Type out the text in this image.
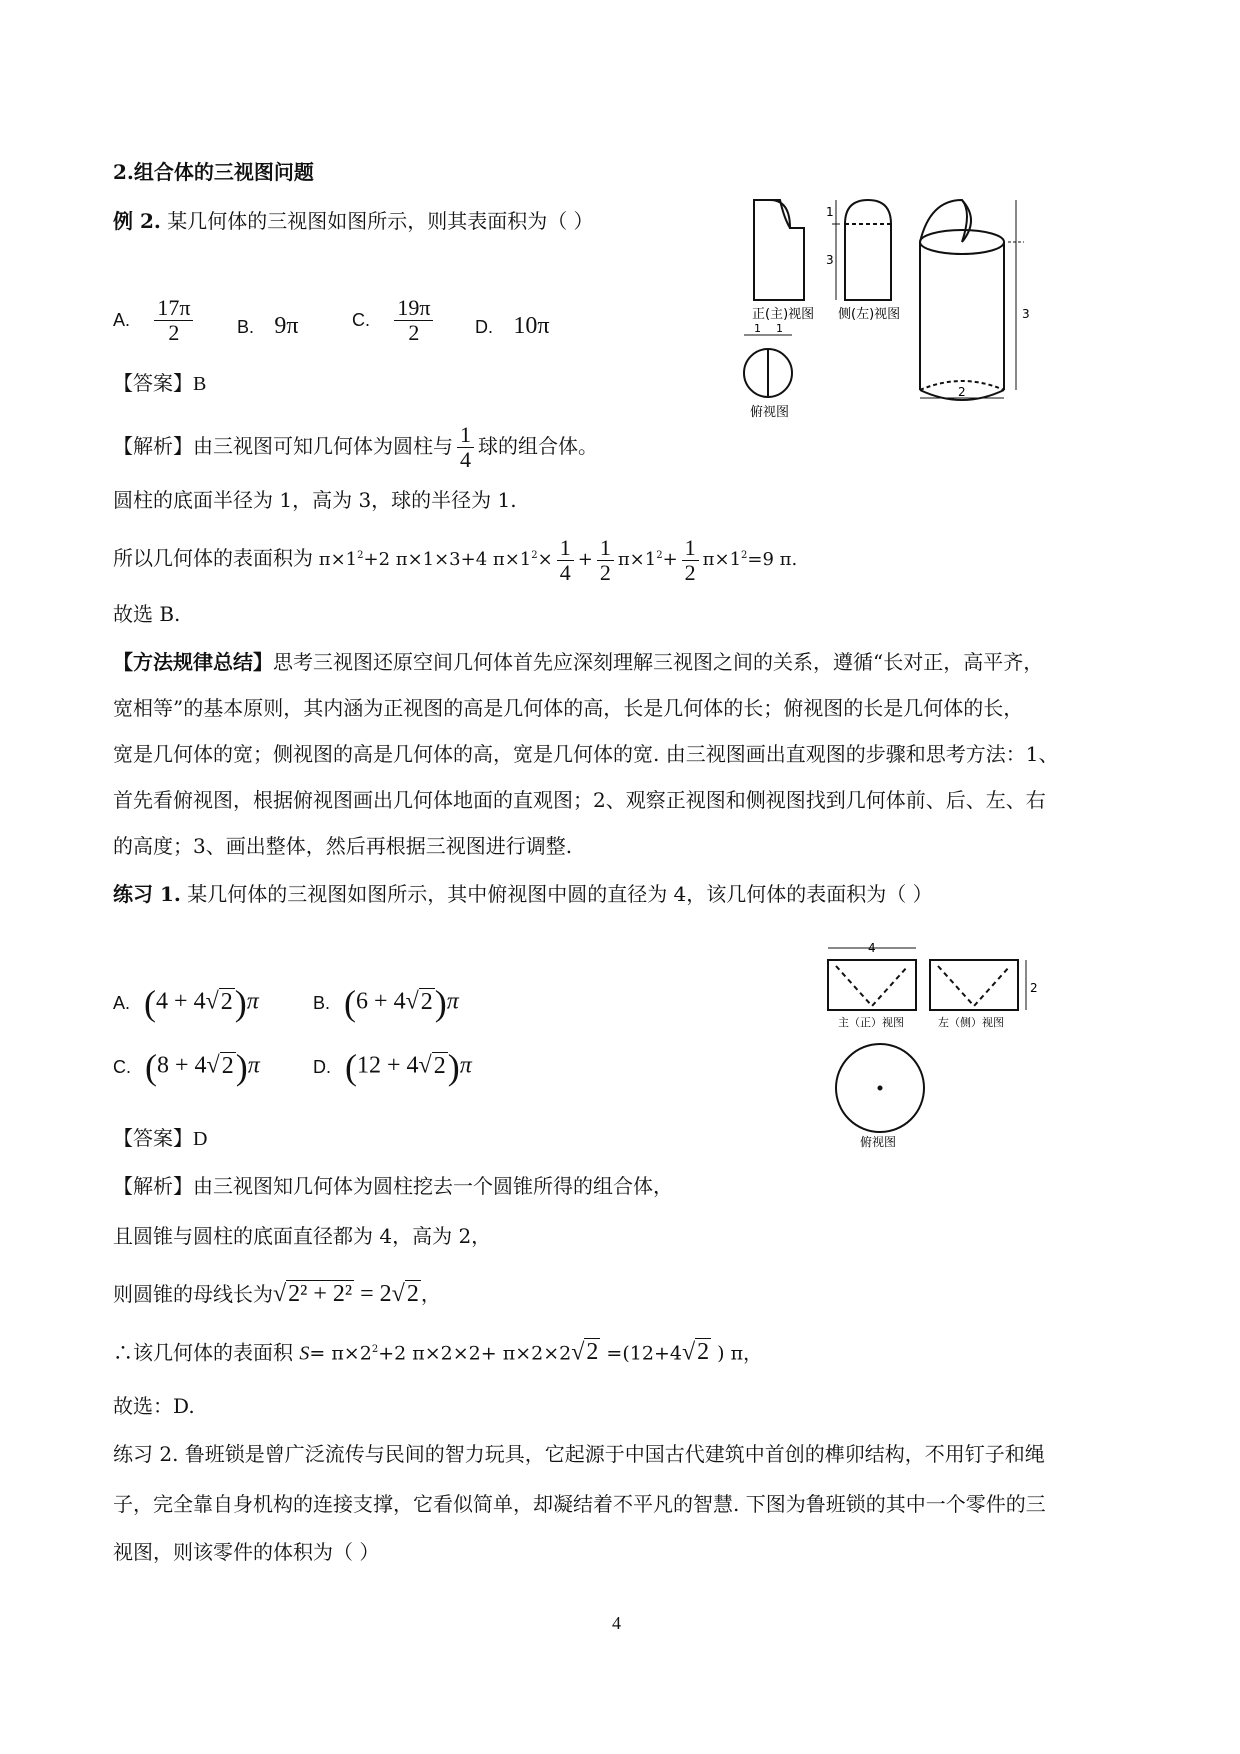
2.组合体的三视图问题
例 2. 某几何体的三视图如图所示，则其表面积为（ ）
A. $\frac{17\pi}{2} B$. 9π	C. $\frac{19\pi}{2} D$. 10π
【答案】B
【解析】由三视图可知几何体为圆柱与 $\frac{1}{4}$ 球的组合体。
圆柱的底面半径为 1，高为 3，球的半径为 1.
所以几何体的表面积为 $\pi\times 1^2+2$ π×1×3+4 $\pi\times 1^2\times \frac{1}{4} + \frac{1}{2} \pi\times 1^2+ \frac{1}{2} \pi\times 1^2=9$ π.
故选 B.
【方法规律总结】思考三视图还原空间几何体首先应深刻理解三视图之间的关系，遵循“长对正，高平齐，
宽相等”的基本原则，其内涵为正视图的高是几何体的高，长是几何体的长；俯视图的长是几何体的长，
宽是几何体的宽；侧视图的高是几何体的高，宽是几何体的宽. 由三视图画出直观图的步骤和思考方法：1、
首先看俯视图，根据俯视图画出几何体地面的直观图；2、观察正视图和侧视图找到几何体前、后、左、右
的高度；3、画出整体，然后再根据三视图进行调整.
练习 1. 某几何体的三视图如图所示，其中俯视图中圆的直径为 4，该几何体的表面积为（ ）
A. (4 + 4√2)π	B. (6 + 4√2)π
C. (8 + 4√2)π	D. (12 + 4√2)π
【答案】D
【解析】由三视图知几何体为圆柱挖去一个圆锥所得的组合体，
且圆锥与圆柱的底面直径都为 4，高为 2，
则圆锥的母线长为√2² + 2² = 2√2 ，
∴该几何体的表面积 $S= \pi\times 2^2+2$ π×2×2+ π×2×2√2 =(12+4√2 ) π，
故选：D.
练习 2. 鲁班锁是曾广泛流传与民间的智力玩具，它起源于中国古代建筑中首创的榫卯结构，不用钉子和绳
子，完全靠自身机构的连接支撑，它看似简单，却凝结着不平凡的智慧. 下图为鲁班锁的其中一个零件的三
视图，则该零件的体积为（ ）
4
正(主)视图
1
3
侧(左)视图
1 1
俯视图
3
2
4
2
主（正）视图	左（侧）视图
俯视图
